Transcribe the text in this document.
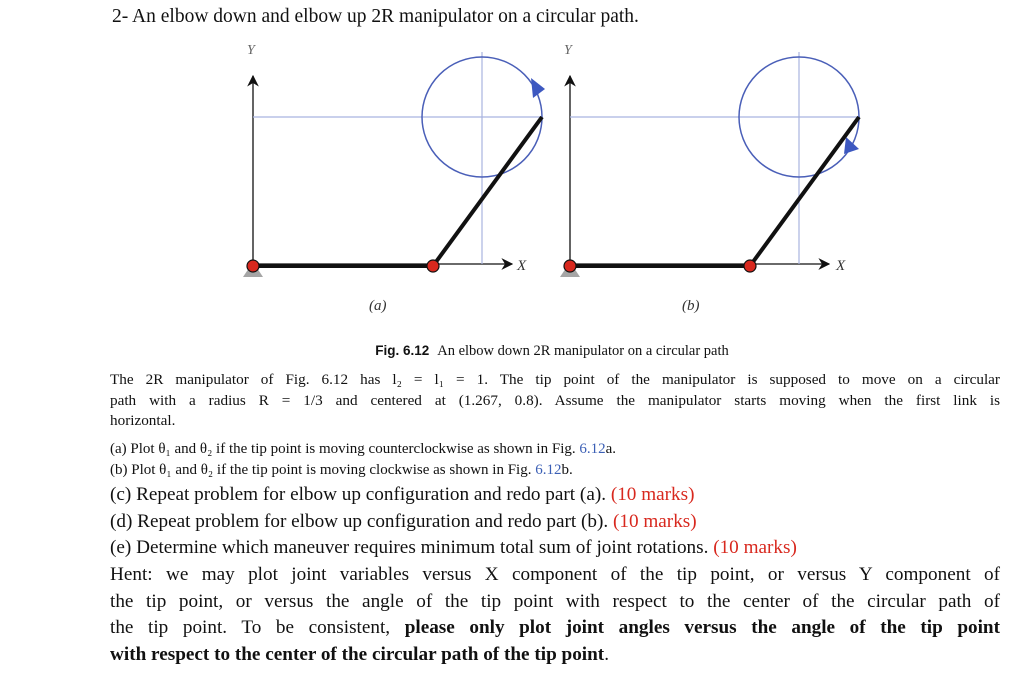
2- An elbow down and elbow up 2R manipulator on a circular path.
Y
X
(a)
Y
X
(b)
Fig. 6.12 An elbow down 2R manipulator on a circular path
The 2R manipulator of Fig. 6.12 has l₂ = l₁ = 1. The tip point of the manipulator is supposed to move on a circular
path with a radius R = 1/3 and centered at (1.267, 0.8). Assume the manipulator starts moving when the first link is
horizontal.
(a) Plot θ₁ and θ₂ if the tip point is moving counterclockwise as shown in Fig. 6.12a.
(b) Plot θ₁ and θ₂ if the tip point is moving clockwise as shown in Fig. 6.12b.
(c) Repeat problem for elbow up configuration and redo part (a). (10 marks)
(d) Repeat problem for elbow up configuration and redo part (b). (10 marks)
(e) Determine which maneuver requires minimum total sum of joint rotations. (10 marks)
Hent: we may plot joint variables versus X component of the tip point, or versus Y component of
the tip point, or versus the angle of the tip point with respect to the center of the circular path of
the tip point. To be consistent, please only plot joint angles versus the angle of the tip point
with respect to the center of the circular path of the tip point.
